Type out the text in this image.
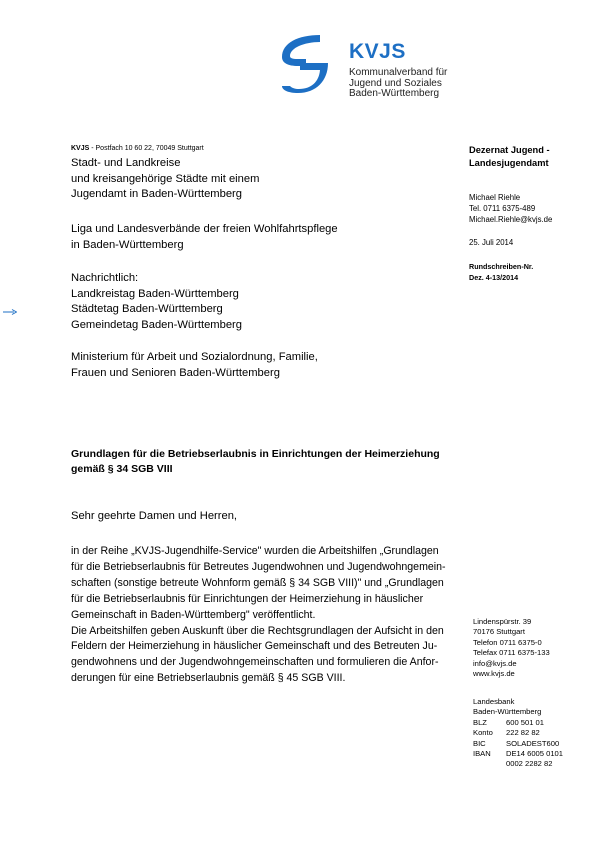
KVJS
Kommunalverband für
Jugend und Soziales
Baden-Württemberg
KVJS - Postfach 10 60 22, 70049 Stuttgart
Stadt- und Landkreise
und kreisangehörige Städte mit einem
Jugendamt in Baden-Württemberg
Liga und Landesverbände der freien Wohlfahrtspflege
in Baden-Württemberg
Nachrichtlich:
Landkreistag Baden-Württemberg
Städtetag Baden-Württemberg
Gemeindetag Baden-Württemberg
Ministerium für Arbeit und Sozialordnung, Familie,
Frauen und Senioren Baden-Württemberg
Dezernat Jugend -
Landesjugendamt
Michael Riehle
Tel. 0711 6375-489
Michael.Riehle@kvjs.de
25. Juli 2014
Rundschreiben-Nr.
Dez. 4-13/2014
Lindenspürstr. 39
70176 Stuttgart
Telefon 0711 6375-0
Telefax 0711 6375-133
info@kvjs.de
www.kvjs.de
Landesbank
Baden-Württemberg
BLZ	600 501 01
Konto	222 82 82
BIC	SOLADEST600
IBAN	DE14 6005 0101
0002 2282 82
Grundlagen für die Betriebserlaubnis in Einrichtungen der Heimerziehung gemäß § 34 SGB VIII
Sehr geehrte Damen und Herren,
in der Reihe „KVJS-Jugendhilfe-Service" wurden die Arbeitshilfen „Grundlagen
für die Betriebserlaubnis für Betreutes Jugendwohnen und Jugendwohngemein-
schaften (sonstige betreute Wohnform gemäß § 34 SGB VIII)" und „Grundlagen
für die Betriebserlaubnis für Einrichtungen der Heimerziehung in häuslicher
Gemeinschaft in Baden-Württemberg" veröffentlicht.
Die Arbeitshilfen geben Auskunft über die Rechtsgrundlagen der Aufsicht in den
Feldern der Heimerziehung in häuslicher Gemeinschaft und des Betreuten Ju-
gendwohnens und der Jugendwohngemeinschaften und formulieren die Anfor-
derungen für eine Betriebserlaubnis gemäß § 45 SGB VIII.
